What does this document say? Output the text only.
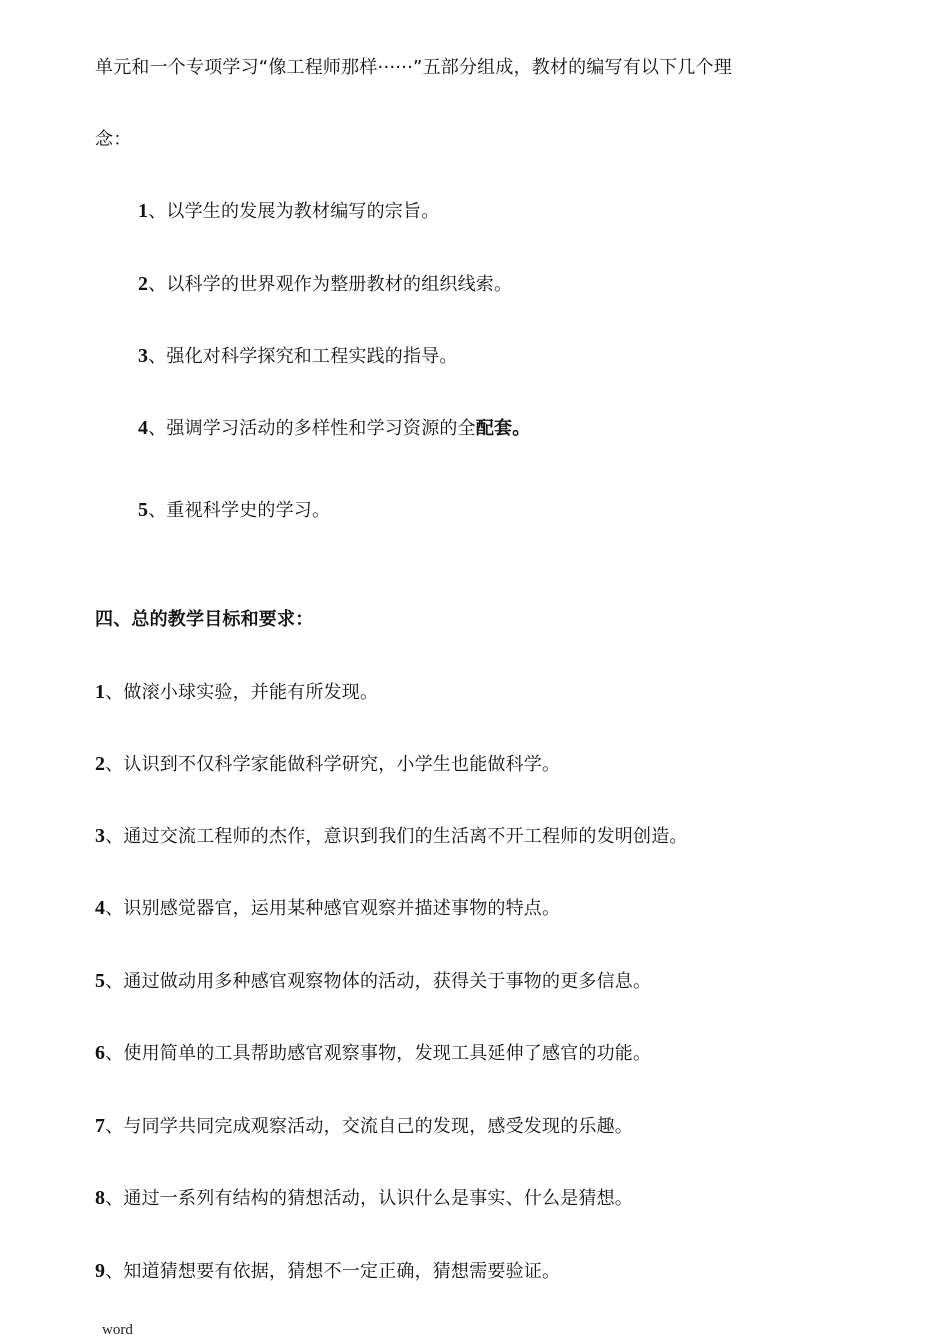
单元和一个专项学习“像工程师那样······”五部分组成，教材的编写有以下几个理
念：
1、以学生的发展为教材编写的宗旨。
2、以科学的世界观作为整册教材的组织线索。
3、强化对科学探究和工程实践的指导。
4、强调学习活动的多样性和学习资源的全配套。
5、重视科学史的学习。
四、总的教学目标和要求：
1、做滚小球实验，并能有所发现。
2、认识到不仅科学家能做科学研究，小学生也能做科学。
3、通过交流工程师的杰作，意识到我们的生活离不开工程师的发明创造。
4、识别感觉器官，运用某种感官观察并描述事物的特点。
5、通过做动用多种感官观察物体的活动，获得关于事物的更多信息。
6、使用简单的工具帮助感官观察事物，发现工具延伸了感官的功能。
7、与同学共同完成观察活动，交流自己的发现，感受发现的乐趣。
8、通过一系列有结构的猜想活动，认识什么是事实、什么是猜想。
9、知道猜想要有依据，猜想不一定正确，猜想需要验证。
word
